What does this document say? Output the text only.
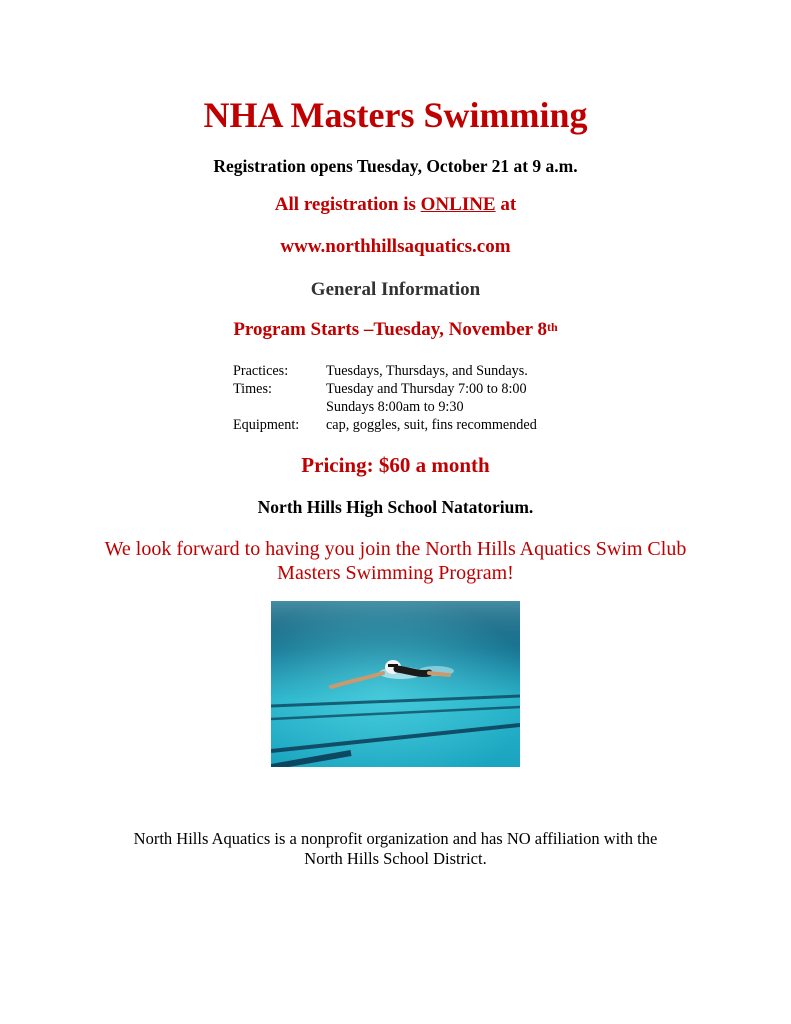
NHA Masters Swimming
Registration opens Tuesday, October 21 at 9 a.m.
All registration is ONLINE at
www.northhillsaquatics.com
General Information
Program Starts –Tuesday, November 8th
Practices:	Tuesdays, Thursdays, and Sundays.
Times:	Tuesday and Thursday 7:00 to 8:00
Sundays 8:00am to 9:30
Equipment:	cap, goggles, suit, fins recommended
Pricing: $60 a month
North Hills High School Natatorium.
We look forward to having you join the North Hills Aquatics Swim Club
Masters Swimming Program!
North Hills Aquatics is a nonprofit organization and has NO affiliation with the
North Hills School District.
